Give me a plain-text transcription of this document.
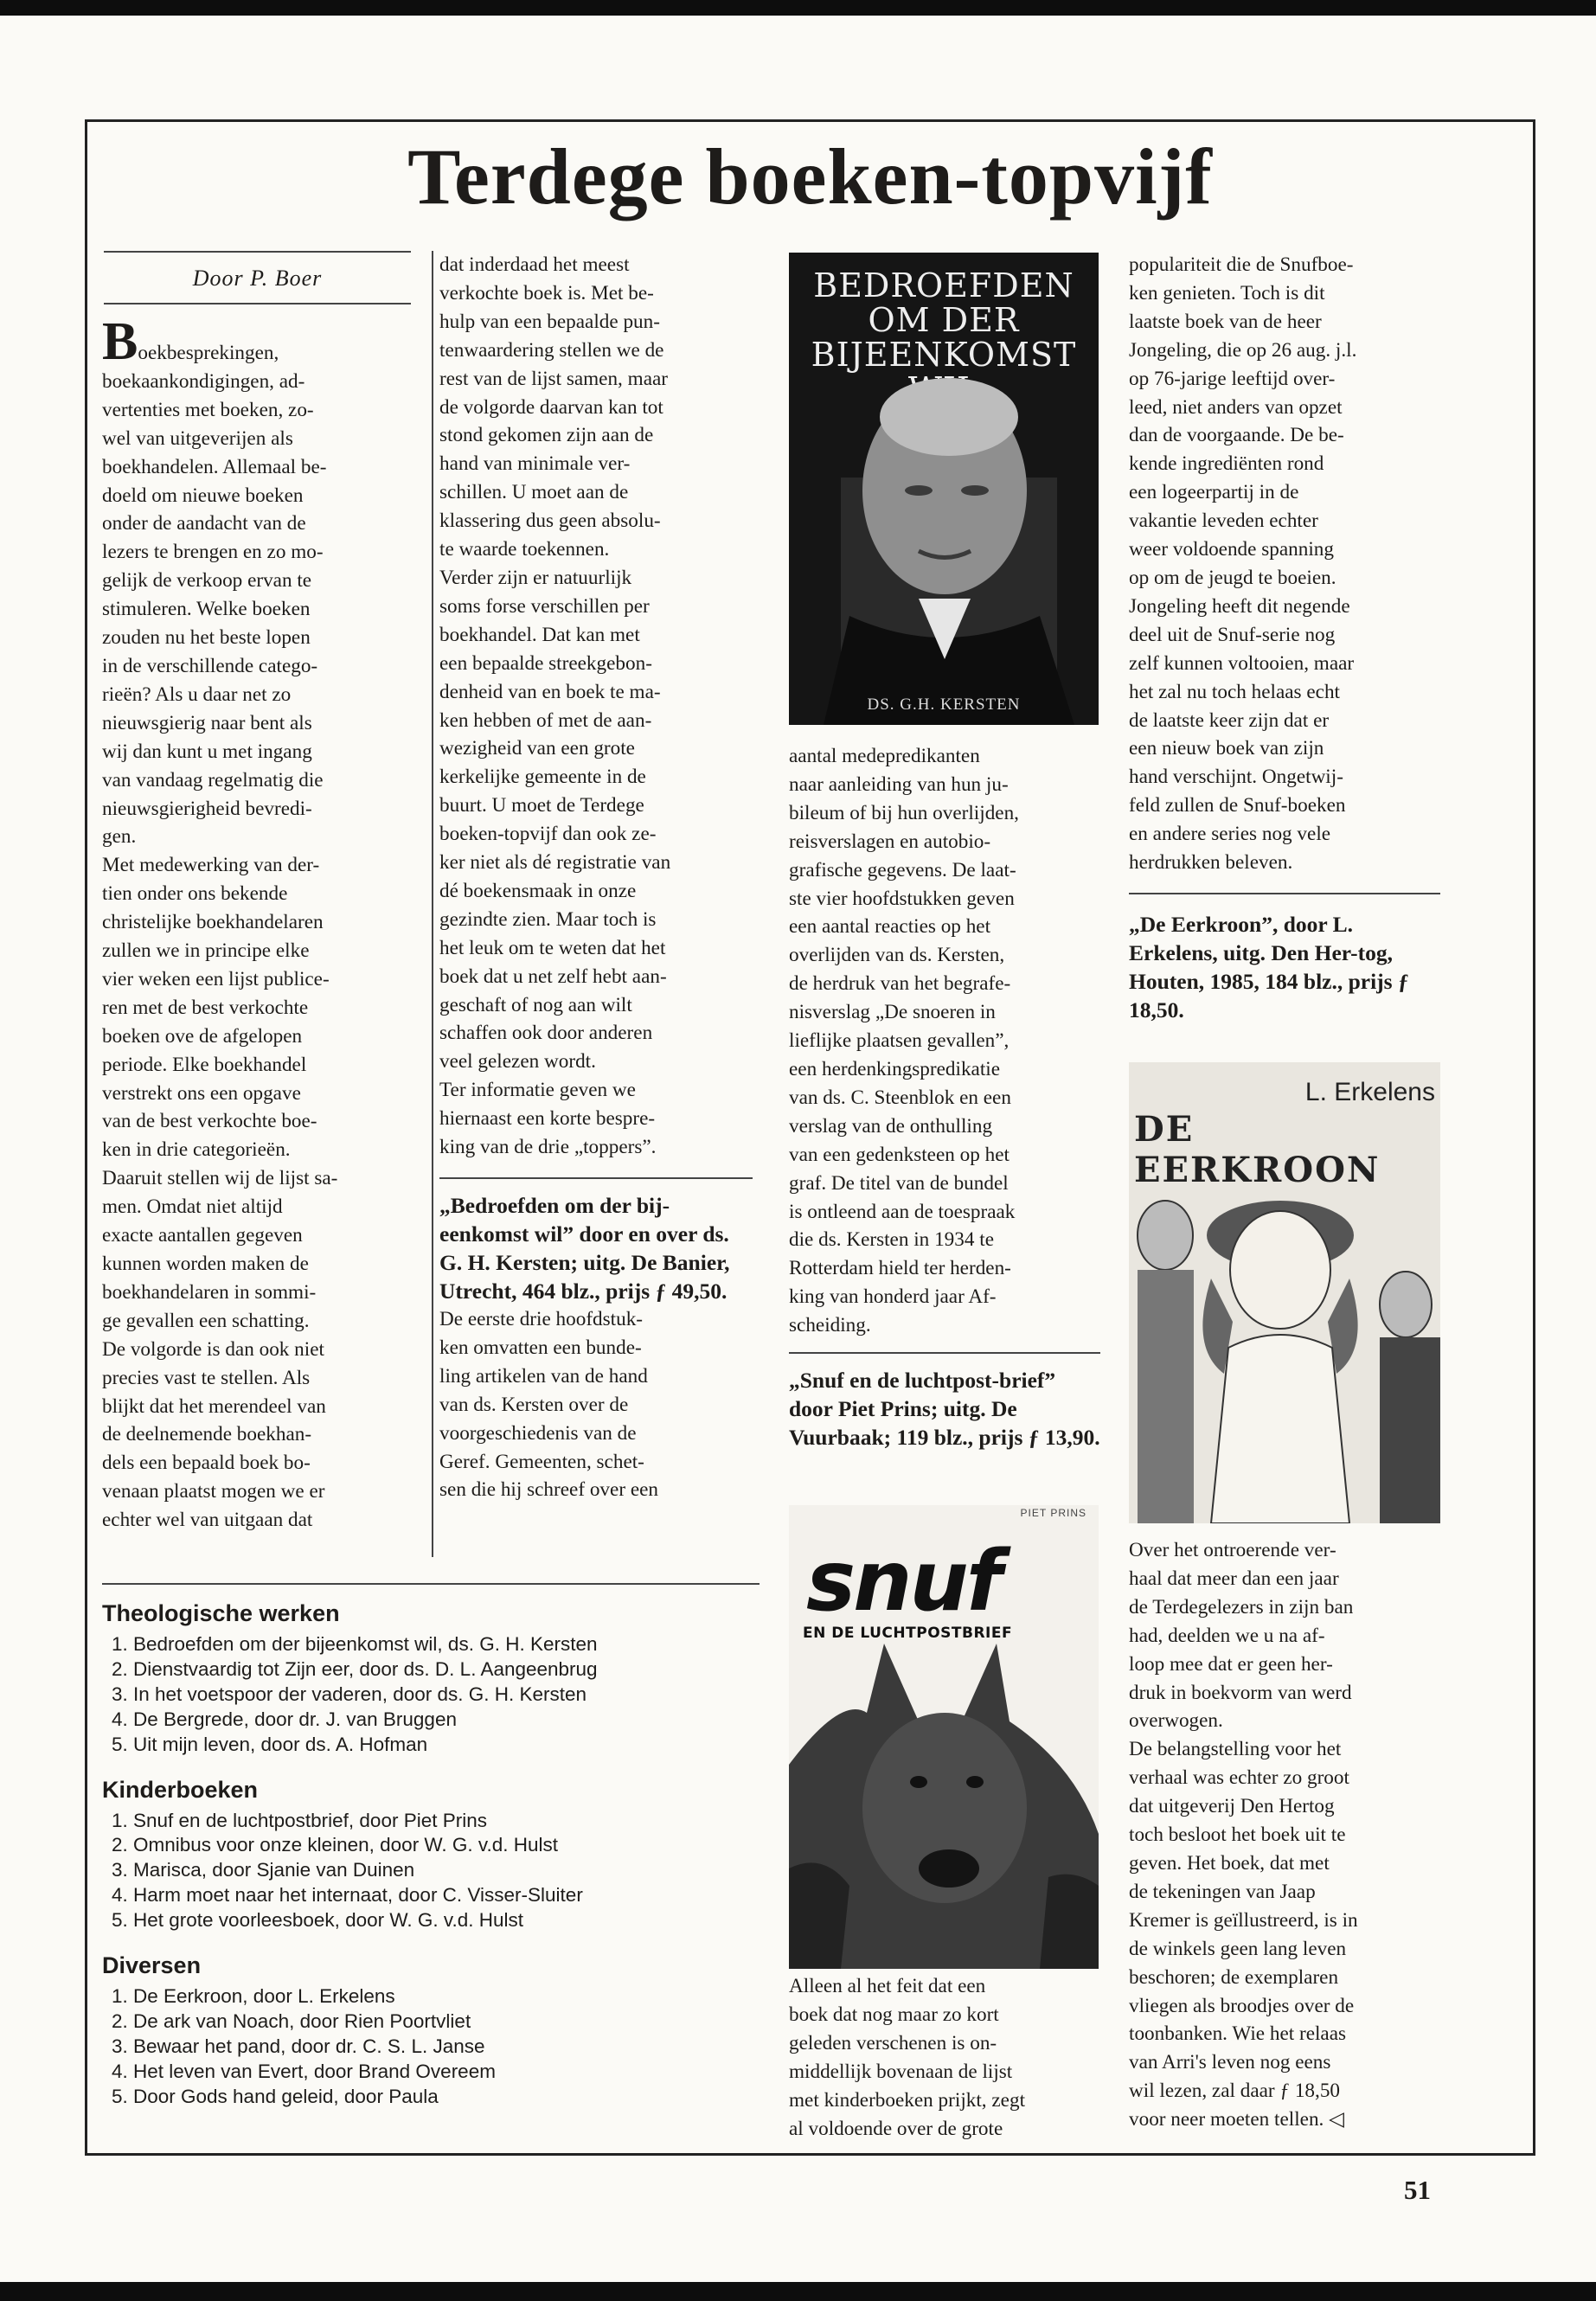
Terdege boeken-topvijf
Door P. Boer
Boekbesprekingen,
boekaankondigingen, ad-
vertenties met boeken, zo-
wel van uitgeverijen als
boekhandelen. Allemaal be-
doeld om nieuwe boeken
onder de aandacht van de
lezers te brengen en zo mo-
gelijk de verkoop ervan te
stimuleren. Welke boeken
zouden nu het beste lopen
in de verschillende catego-
rieën? Als u daar net zo
nieuwsgierig naar bent als
wij dan kunt u met ingang
van vandaag regelmatig die
nieuwsgierigheid bevredi-
gen.
Met medewerking van der-
tien onder ons bekende
christelijke boekhandelaren
zullen we in principe elke
vier weken een lijst publice-
ren met de best verkochte
boeken ove de afgelopen
periode. Elke boekhandel
verstrekt ons een opgave
van de best verkochte boe-
ken in drie categorieën.
Daaruit stellen wij de lijst sa-
men. Omdat niet altijd
exacte aantallen gegeven
kunnen worden maken de
boekhandelaren in sommi-
ge gevallen een schatting.
De volgorde is dan ook niet
precies vast te stellen. Als
blijkt dat het merendeel van
de deelnemende boekhan-
dels een bepaald boek bo-
venaan plaatst mogen we er
echter wel van uitgaan dat
dat inderdaad het meest
verkochte boek is. Met be-
hulp van een bepaalde pun-
tenwaardering stellen we de
rest van de lijst samen, maar
de volgorde daarvan kan tot
stond gekomen zijn aan de
hand van minimale ver-
schillen. U moet aan de
klassering dus geen absolu-
te waarde toekennen.
Verder zijn er natuurlijk
soms forse verschillen per
boekhandel. Dat kan met
een bepaalde streekgebon-
denheid van en boek te ma-
ken hebben of met de aan-
wezigheid van een grote
kerkelijke gemeente in de
buurt. U moet de Terdege
boeken-topvijf dan ook ze-
ker niet als dé registratie van
dé boekensmaak in onze
gezindte zien. Maar toch is
het leuk om te weten dat het
boek dat u net zelf hebt aan-
geschaft of nog aan wilt
schaffen ook door anderen
veel gelezen wordt.
Ter informatie geven we
hiernaast een korte bespre-
king van de drie „toppers”.

„Bedroefden om der bij-eenkomst wil” door en over ds. G. H. Kersten; uitg. De Banier, Utrecht, 464 blz., prijs ƒ 49,50.

De eerste drie hoofdstuk-
ken omvatten een bunde-
ling artikelen van de hand
van ds. Kersten over de
voorgeschiedenis van de
Geref. Gemeenten, schet-
sen die hij schreef over een
BEDROEFDEN OM DER BIJEENKOMST
DS. G.H. KERSTEN
aantal medepredikanten
naar aanleiding van hun ju-
bileum of bij hun overlijden,
reisverslagen en autobio-
grafische gegevens. De laat-
ste vier hoofdstukken geven
een aantal reacties op het
overlijden van ds. Kersten,
de herdruk van het begrafe-
nisverslag „De snoeren in
lieflijke plaatsen gevallen”,
een herdenkingspredikatie
van ds. C. Steenblok en een
verslag van de onthulling
van een gedenksteen op het
graf. De titel van de bundel
is ontleend aan de toespraak
die ds. Kersten in 1934 te
Rotterdam hield ter herden-
king van honderd jaar Af-
scheiding.

„Snuf en de luchtpost-brief” door Piet Prins; uitg. De Vuurbaak; 119 blz., prijs ƒ 13,90.

PIET PRINS
snuf
EN DE LUCHTPOSTBRIEF
Alleen al het feit dat een
boek dat nog maar zo kort
geleden verschenen is on-
middellijk bovenaan de lijst
met kinderboeken prijkt, zegt
al voldoende over de grote
populariteit die de Snufboe-
ken genieten. Toch is dit
laatste boek van de heer
Jongeling, die op 26 aug. j.l.
op 76-jarige leeftijd over-
leed, niet anders van opzet
dan de voorgaande. De be-
kende ingrediënten rond
een logeerpartij in de
vakantie leveden echter
weer voldoende spanning
op om de jeugd te boeien.
Jongeling heeft dit negende
deel uit de Snuf-serie nog
zelf kunnen voltooien, maar
het zal nu toch helaas echt
de laatste keer zijn dat er
een nieuw boek van zijn
hand verschijnt. Ongetwij-
feld zullen de Snuf-boeken
en andere series nog vele
herdrukken beleven.

„De Eerkroon”, door L. Erkelens, uitg. Den Her-tog, Houten, 1985, 184 blz., prijs ƒ 18,50.

L. Erkelens
DE EERKROON
Over het ontroerende ver-
haal dat meer dan een jaar
de Terdegelezers in zijn ban
had, deelden we u na af-
loop mee dat er geen her-
druk in boekvorm van werd
overwogen.
De belangstelling voor het
verhaal was echter zo groot
dat uitgeverij Den Hertog
toch besloot het boek uit te
geven. Het boek, dat met
de tekeningen van Jaap
Kremer is geïllustreerd, is in
de winkels geen lang leven
beschoren; de exemplaren
vliegen als broodjes over de
toonbanken. Wie het relaas
van Arri's leven nog eens
wil lezen, zal daar ƒ 18,50
voor neer moeten tellen. ◁
Theologische werken
1. Bedroefden om der bijeenkomst wil, ds. G. H. Kersten
2. Dienstvaardig tot Zijn eer, door ds. D. L. Aangeenbrug
3. In het voetspoor der vaderen, door ds. G. H. Kersten
4. De Bergrede, door dr. J. van Bruggen
5. Uit mijn leven, door ds. A. Hofman
Kinderboeken
1. Snuf en de luchtpostbrief, door Piet Prins
2. Omnibus voor onze kleinen, door W. G. v.d. Hulst
3. Marisca, door Sjanie van Duinen
4. Harm moet naar het internaat, door C. Visser-Sluiter
5. Het grote voorleesboek, door W. G. v.d. Hulst
Diversen
1. De Eerkroon, door L. Erkelens
2. De ark van Noach, door Rien Poortvliet
3. Bewaar het pand, door dr. C. S. L. Janse
4. Het leven van Evert, door Brand Overeem
5. Door Gods hand geleid, door Paula
51
